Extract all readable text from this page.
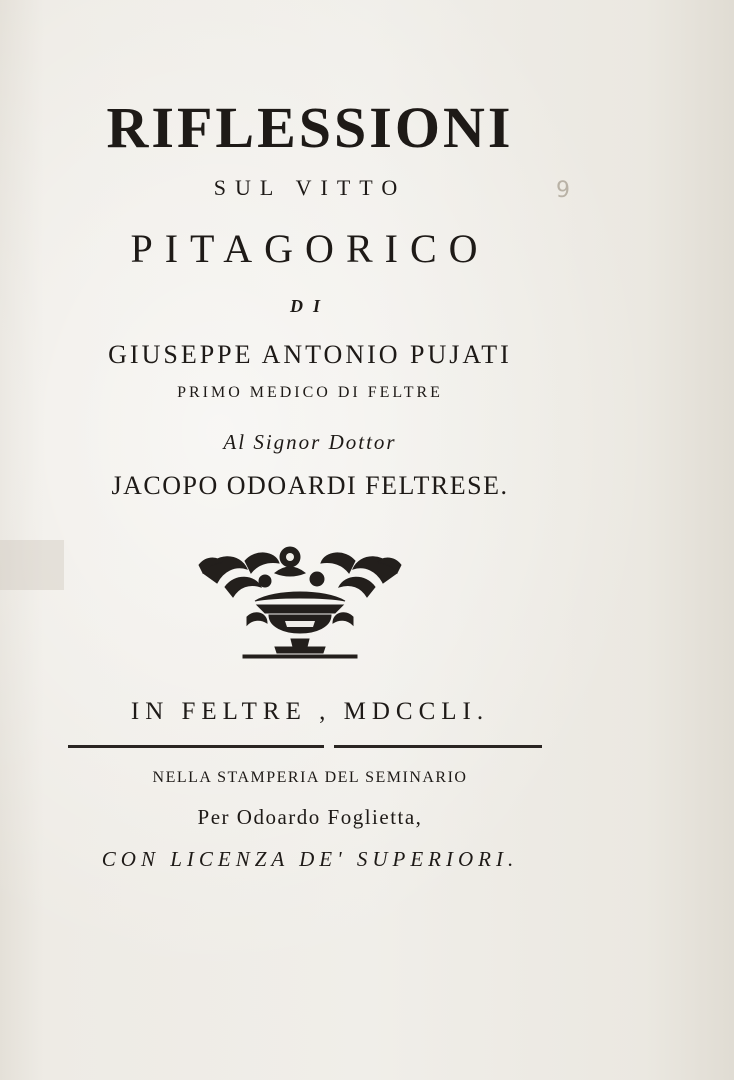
RIFLESSIONI
SUL VITTO
PITAGORICO
DI
GIUSEPPE ANTONIO PUJATI
PRIMO MEDICO DI FELTRE
Al Signor Dottor
JACOPO ODOARDI FELTRESE.
9
IN FELTRE , MDCCLI.
NELLA STAMPERIA DEL SEMINARIO
Per Odoardo Foglietta,
CON LICENZA DE' SUPERIORI.
